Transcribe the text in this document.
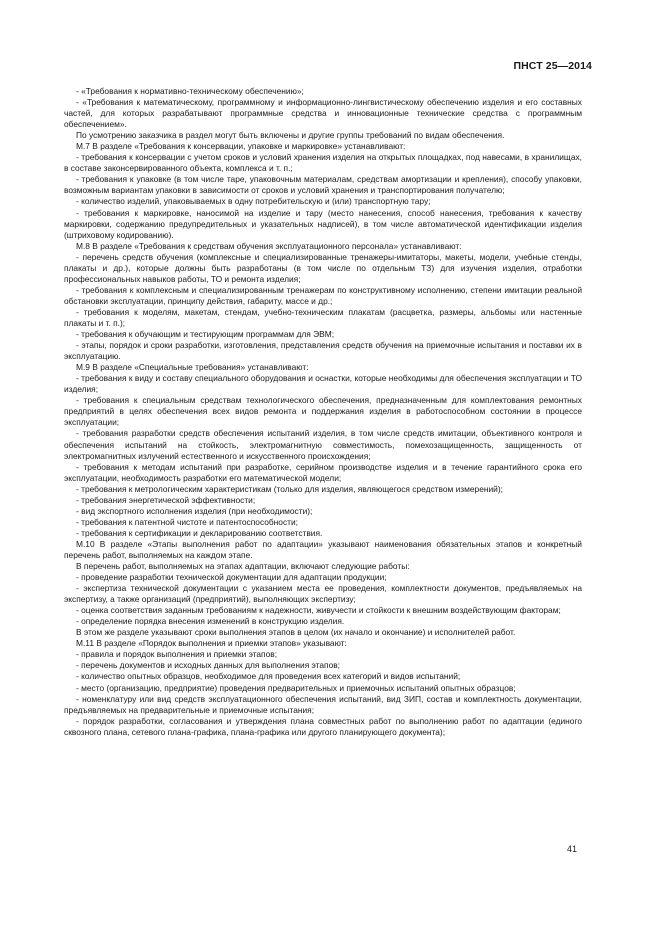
ПНСТ 25—2014
- «Требования к нормативно-техническому обеспечению»;
- «Требования к математическому, программному и информационно-лингвистическому обеспечению изделия и его составных частей, для которых разрабатывают программные средства и инновационные технические средства с программным обеспечением».
По усмотрению заказчика в раздел могут быть включены и другие группы требований по видам обеспечения.
М.7 В разделе «Требования к консервации, упаковке и маркировке» устанавливают:
- требования к консервации с учетом сроков и условий хранения изделия на открытых площадках, под навесами, в хранилищах, в составе законсервированного объекта, комплекса и т. п.;
- требования к упаковке (в том числе таре, упаковочным материалам, средствам амортизации и крепления), способу упаковки, возможным вариантам упаковки в зависимости от сроков и условий хранения и транспортирования получателю;
- количество изделий, упаковываемых в одну потребительскую и (или) транспортную тару;
- требования к маркировке, наносимой на изделие и тару (место нанесения, способ нанесения, требования к качеству маркировки, содержанию предупредительных и указательных надписей), в том числе автоматической идентификации изделия (штриховому кодированию).
М.8 В разделе «Требования к средствам обучения эксплуатационного персонала» устанавливают:
- перечень средств обучения (комплексные и специализированные тренажеры-имитаторы, макеты, модели, учебные стенды, плакаты и др.), которые должны быть разработаны (в том числе по отдельным ТЗ) для изучения изделия, отработки профессиональных навыков работы, ТО и ремонта изделия;
- требования к комплексным и специализированным тренажерам по конструктивному исполнению, степени имитации реальной обстановки эксплуатации, принципу действия, габариту, массе и др.;
- требования к моделям, макетам, стендам, учебно-техническим плакатам (расцветка, размеры, альбомы или настенные плакаты и т. п.);
- требования к обучающим и тестирующим программам для ЭВМ;
- этапы, порядок и сроки разработки, изготовления, представления средств обучения на приемочные испытания и поставки их в эксплуатацию.
М.9 В разделе «Специальные требования» устанавливают:
- требования к виду и составу специального оборудования и оснастки, которые необходимы для обеспечения эксплуатации и ТО изделия;
- требования к специальным средствам технологического обеспечения, предназначенным для комплектования ремонтных предприятий в целях обеспечения всех видов ремонта и поддержания изделия в работоспособном состоянии в процессе эксплуатации;
- требования разработки средств обеспечения испытаний изделия, в том числе средств имитации, объективного контроля и обеспечения испытаний на стойкость, электромагнитную совместимость, помехозащищенность, защищенность от электромагнитных излучений естественного и искусственного происхождения;
- требования к методам испытаний при разработке, серийном производстве изделия и в течение гарантийного срока его эксплуатации, необходимость разработки его математической модели;
- требования к метрологическим характеристикам (только для изделия, являющегося средством измерений);
- требования энергетической эффективности;
- вид экспортного исполнения изделия (при необходимости);
- требования к патентной чистоте и патентоспособности;
- требования к сертификации и декларированию соответствия.
М.10 В разделе «Этапы выполнения работ по адаптации» указывают наименования обязательных этапов и конкретный перечень работ, выполняемых на каждом этапе.
В перечень работ, выполняемых на этапах адаптации, включают следующие работы:
- проведение разработки технической документации для адаптации продукции;
- экспертиза технической документации с указанием места ее проведения, комплектности документов, предъявляемых на экспертизу, а также организаций (предприятий), выполняющих экспертизу;
- оценка соответствия заданным требованиям к надежности, живучести и стойкости к внешним воздействующим факторам;
- определение порядка внесения изменений в конструкцию изделия.
В этом же разделе указывают сроки выполнения этапов в целом (их начало и окончание) и исполнителей работ.
М.11 В разделе «Порядок выполнения и приемки этапов» указывают:
- правила и порядок выполнения и приемки этапов;
- перечень документов и исходных данных для выполнения этапов;
- количество опытных образцов, необходимое для проведения всех категорий и видов испытаний;
- место (организацию, предприятие) проведения предварительных и приемочных испытаний опытных образцов;
- номенклатуру или вид средств эксплуатационного обеспечения испытаний, вид ЗИП, состав и комплектность документации, предъявляемых на предварительные и приемочные испытания;
- порядок разработки, согласования и утверждения плана совместных работ по выполнению работ по адаптации (единого сквозного плана, сетевого плана-графика, плана-графика или другого планирующего документа);
41
